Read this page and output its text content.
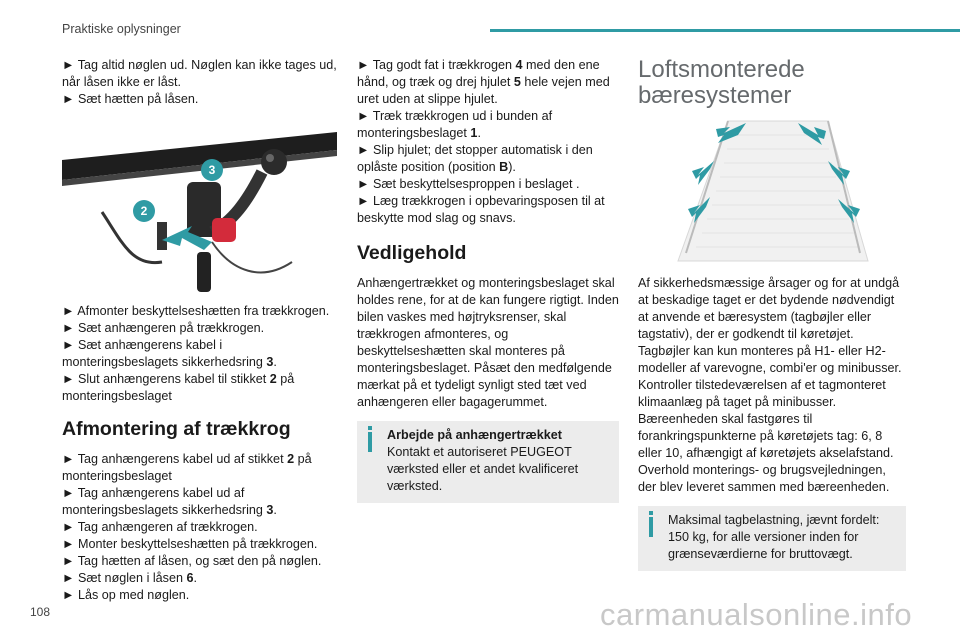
Praktiske oplysninger

► Tag altid nøglen ud. Nøglen kan ikke tages ud, når låsen ikke er låst.

► Sæt hætten på låsen.

3
2

► Afmonter beskyttelseshætten fra trækkrogen.

► Sæt anhængeren på trækkrogen.

► Sæt anhængerens kabel i monteringsbeslagets sikkerhedsring 3.

► Slut anhængerens kabel til stikket 2 på

monteringsbeslaget

Afmontering af trækkrog

► Tag anhængerens kabel ud af stikket 2 på monteringsbeslaget

► Tag anhængerens kabel ud af monteringsbeslagets sikkerhedsring 3.

► Tag anhængeren af trækkrogen.

► Monter beskyttelseshætten på trækkrogen.

► Tag hætten af låsen, og sæt den på nøglen.

► Sæt nøglen i låsen 6.

► Lås op med nøglen.

► Tag godt fat i trækkrogen 4 med den ene hånd, og træk og drej hjulet 5 hele vejen med uret uden at slippe hjulet.

► Træk trækkrogen ud i bunden af monteringsbeslaget 1.

► Slip hjulet; det stopper automatisk i den oplåste position (position B).

► Sæt beskyttelsesproppen i beslaget .

► Læg trækkrogen i opbevaringsposen til at beskytte mod slag og snavs.

Vedligehold

Anhængertrækket og monteringsbeslaget skal holdes rene, for at de kan fungere rigtigt. Inden bilen vaskes med højtryksrenser, skal trækkrogen afmonteres, og beskyttelseshætten skal monteres på monteringsbeslaget. Påsæt den medfølgende mærkat på et tydeligt synligt sted tæt ved anhængeren eller bagagerummet.

Arbejde på anhængertrækket
Kontakt et autoriseret PEUGEOT værksted eller et andet kvalificeret værksted.
Loftsmonterede
bæresystemer

Af sikkerhedsmæssige årsager og for at undgå at beskadige taget er det bydende nødvendigt at anvende et bæresystem (tagbøjler eller tagstativ), der er godkendt til køretøjet. Tagbøjler kan kun monteres på H1- eller H2-modeller af varevogne, combi'er og minibusser. Kontroller tilstedeværelsen af et tagmonteret klimaanlæg på taget på minibusser. Bæreenheden skal fastgøres til forankringspunkterne på køretøjets tag: 6, 8 eller 10, afhængigt af køretøjets akselafstand. Overhold monterings- og brugsvejledningen, der blev leveret sammen med bæreenheden.

Maksimal tagbelastning, jævnt fordelt: 150 kg, for alle versioner inden for grænseværdierne for bruttovægt.
108	carmanualsonline.info
